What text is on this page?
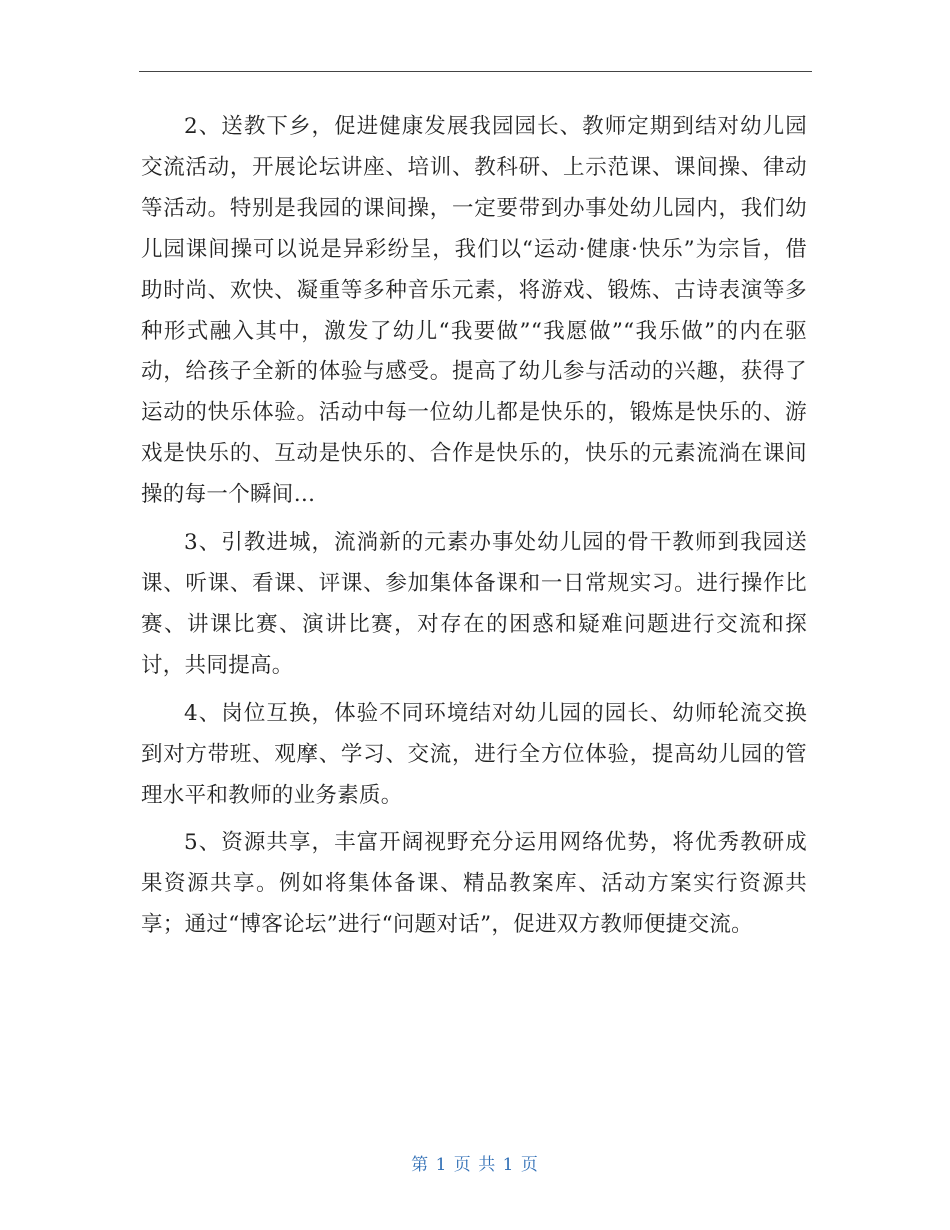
2、送教下乡，促进健康发展我园园长、教师定期到结对幼儿园交流活动，开展论坛讲座、培训、教科研、上示范课、课间操、律动等活动。特别是我园的课间操，一定要带到办事处幼儿园内，我们幼儿园课间操可以说是异彩纷呈，我们以“运动·健康·快乐”为宗旨，借助时尚、欢快、凝重等多种音乐元素，将游戏、锻炼、古诗表演等多种形式融入其中，激发了幼儿“我要做”“我愿做”“我乐做”的内在驱动，给孩子全新的体验与感受。提高了幼儿参与活动的兴趣，获得了运动的快乐体验。活动中每一位幼儿都是快乐的，锻炼是快乐的、游戏是快乐的、互动是快乐的、合作是快乐的，快乐的元素流淌在课间操的每一个瞬间…

3、引教进城，流淌新的元素办事处幼儿园的骨干教师到我园送课、听课、看课、评课、参加集体备课和一日常规实习。进行操作比赛、讲课比赛、演讲比赛，对存在的困惑和疑难问题进行交流和探讨，共同提高。

4、岗位互换，体验不同环境结对幼儿园的园长、幼师轮流交换到对方带班、观摩、学习、交流，进行全方位体验，提高幼儿园的管理水平和教师的业务素质。

5、资源共享，丰富开阔视野充分运用网络优势，将优秀教研成果资源共享。例如将集体备课、精品教案库、活动方案实行资源共享；通过“博客论坛”进行“问题对话”，促进双方教师便捷交流。

第 1 页 共 1 页
